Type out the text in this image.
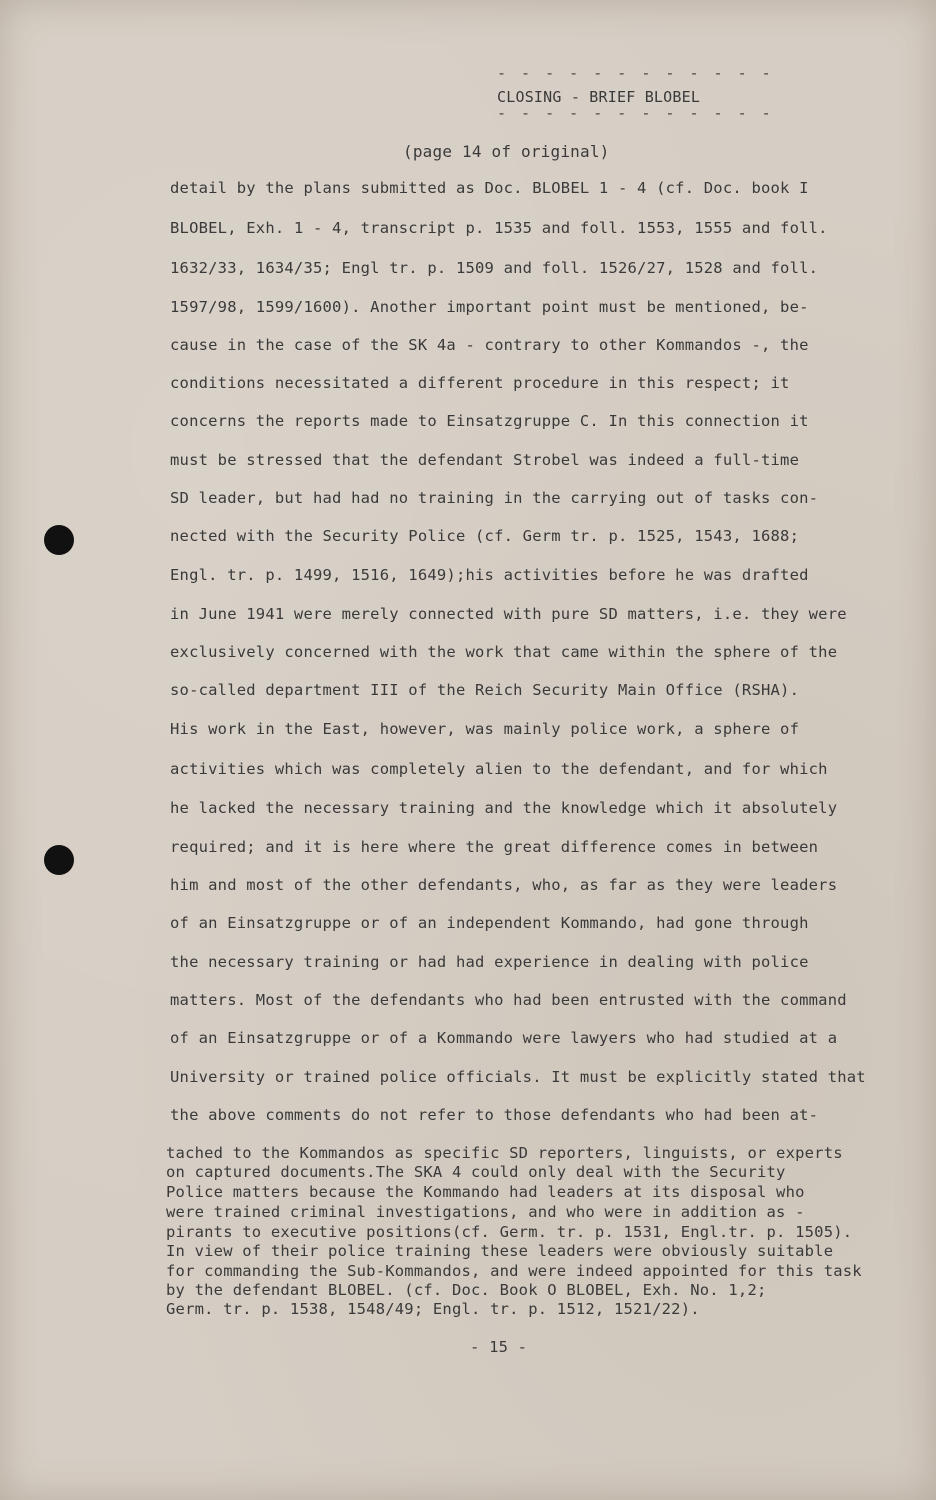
- - - - - - - - - - - -
CLOSING - BRIEF BLOBEL
- - - - - - - - - - - -
(page 14 of original)
detail by the plans submitted as Doc. BLOBEL 1 - 4 (cf. Doc. book I
BLOBEL, Exh. 1 - 4, transcript p. 1535 and foll. 1553, 1555 and foll.
1632/33, 1634/35; Engl tr. p. 1509 and foll. 1526/27, 1528 and foll.
1597/98, 1599/1600). Another important point must be mentioned, be-
cause in the case of the SK 4a - contrary to other Kommandos -, the
conditions necessitated a different procedure in this respect; it
concerns the reports made to Einsatzgruppe C. In this connection it
must be stressed that the defendant Strobel was indeed a full-time
SD leader, but had had no training in the carrying out of tasks con-
nected with the Security Police (cf. Germ tr. p. 1525, 1543, 1688;
Engl. tr. p. 1499, 1516, 1649);his activities before he was drafted
in June 1941 were merely connected with pure SD matters, i.e. they were
exclusively concerned with the work that came within the sphere of the
so-called department III of the Reich Security Main Office (RSHA).
His work in the East, however, was mainly police work, a sphere of
activities which was completely alien to the defendant, and for which
he lacked the necessary training and the knowledge which it absolutely
required; and it is here where the great difference comes in between
him and most of the other defendants, who, as far as they were leaders
of an Einsatzgruppe or of an independent Kommando, had gone through
the necessary training or had had experience in dealing with police
matters. Most of the defendants who had been entrusted with the command
of an Einsatzgruppe or of a Kommando were lawyers who had studied at a
University or trained police officials. It must be explicitly stated that
the above comments do not refer to those defendants who had been at-
tached to the Kommandos as specific SD reporters, linguists, or experts
on captured documents.The SKA 4 could only deal with the Security
Police matters because the Kommando had leaders at its disposal who
were trained criminal investigations, and who were in addition as -
pirants to executive positions(cf. Germ. tr. p. 1531, Engl.tr. p. 1505).
In view of their police training these leaders were obviously suitable
for commanding the Sub-Kommandos, and were indeed appointed for this task
by the defendant BLOBEL. (cf. Doc. Book O BLOBEL, Exh. No. 1,2;
Germ. tr. p. 1538, 1548/49; Engl. tr. p. 1512, 1521/22).
- 15 -
